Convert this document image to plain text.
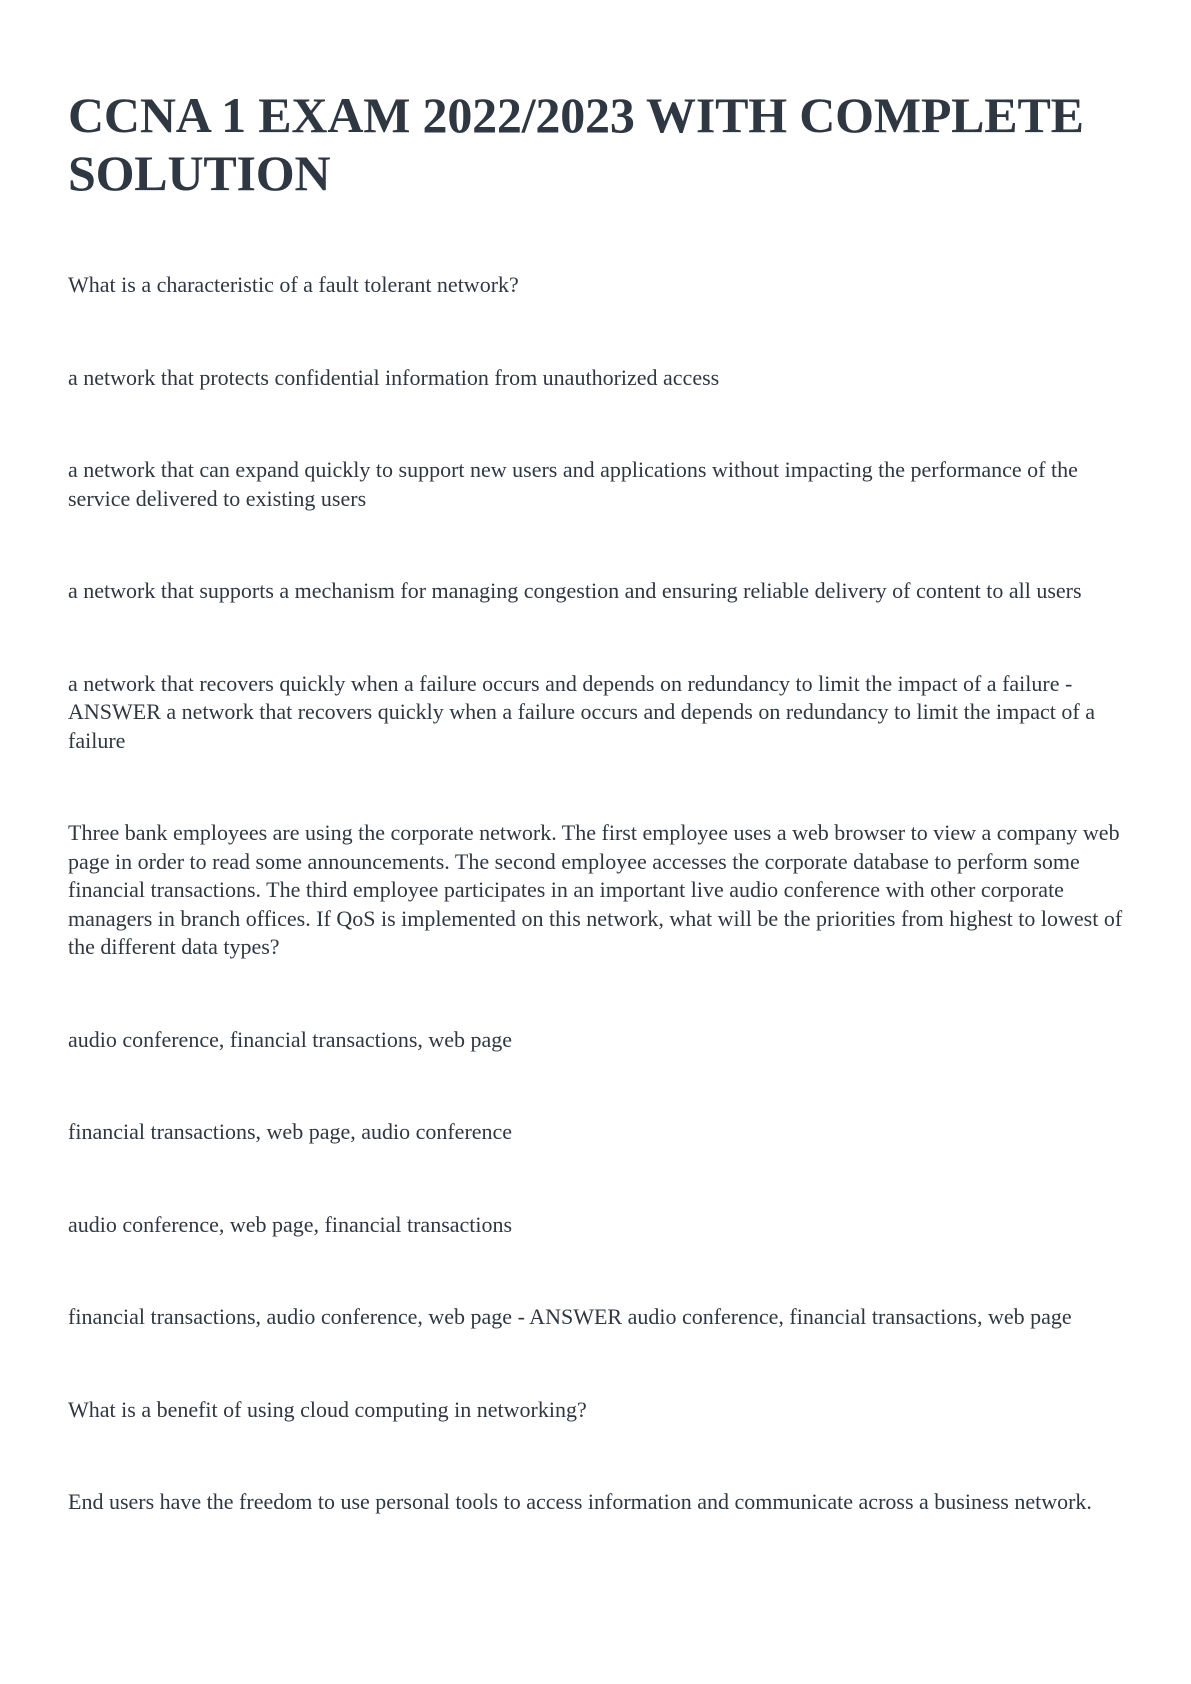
CCNA 1 EXAM 2022/2023 WITH COMPLETE SOLUTION

What is a characteristic of a fault tolerant network?

a network that protects confidential information from unauthorized access

a network that can expand quickly to support new users and applications without impacting the performance of the service delivered to existing users

a network that supports a mechanism for managing congestion and ensuring reliable delivery of content to all users

a network that recovers quickly when a failure occurs and depends on redundancy to limit the impact of a failure - ANSWER a network that recovers quickly when a failure occurs and depends on redundancy to limit the impact of a failure

Three bank employees are using the corporate network. The first employee uses a web browser to view a company web page in order to read some announcements. The second employee accesses the corporate database to perform some financial transactions. The third employee participates in an important live audio conference with other corporate managers in branch offices. If QoS is implemented on this network, what will be the priorities from highest to lowest of the different data types?

audio conference, financial transactions, web page

financial transactions, web page, audio conference

audio conference, web page, financial transactions

financial transactions, audio conference, web page - ANSWER audio conference, financial transactions, web page

What is a benefit of using cloud computing in networking?

End users have the freedom to use personal tools to access information and communicate across a business network.
